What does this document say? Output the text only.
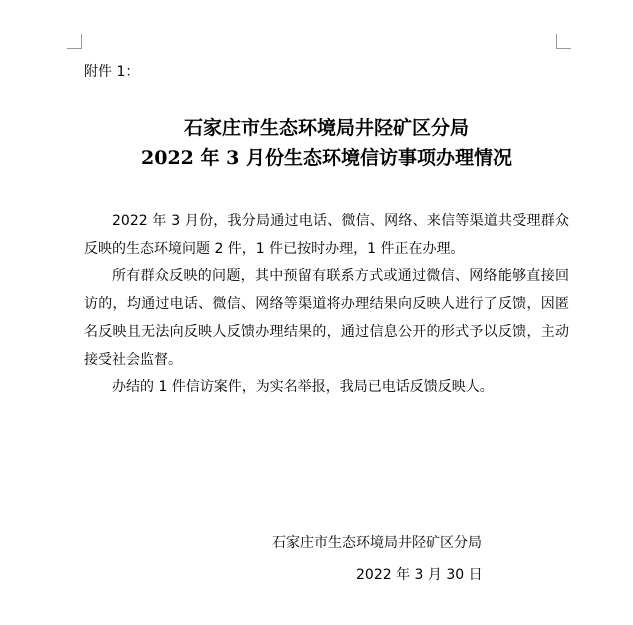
附件 1：
石家庄市生态环境局井陉矿区分局
2022 年 3 月份生态环境信访事项办理情况

2022 年 3 月份，我分局通过电话、微信、网络、来信等渠道共受理群众反映的生态环境问题 2 件，1 件已按时办理，1 件正在办理。

所有群众反映的问题，其中预留有联系方式或通过微信、网络能够直接回访的，均通过电话、微信、网络等渠道将办理结果向反映人进行了反馈，因匿名反映且无法向反映人反馈办理结果的，通过信息公开的形式予以反馈，主动接受社会监督。

办结的 1 件信访案件，为实名举报，我局已电话反馈反映人。

石家庄市生态环境局井陉矿区分局
2022 年 3 月 30 日
